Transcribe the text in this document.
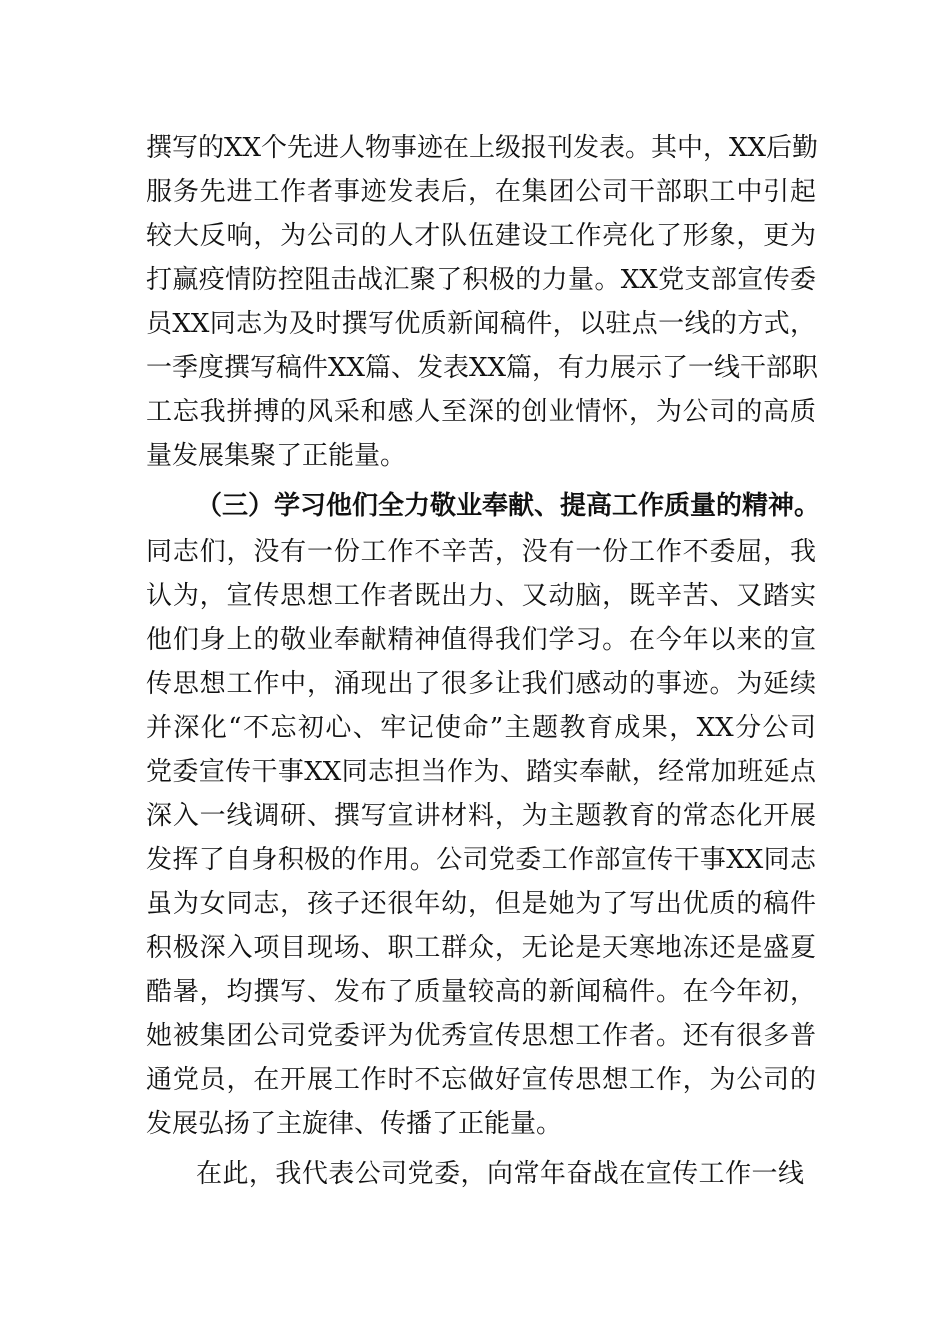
撰写的XX个先进人物事迹在上级报刊发表。其中，XX后勤
服务先进工作者事迹发表后，在集团公司干部职工中引起
较大反响，为公司的人才队伍建设工作亮化了形象，更为
打赢疫情防控阻击战汇聚了积极的力量。XX党支部宣传委
员XX同志为及时撰写优质新闻稿件，以驻点一线的方式，
一季度撰写稿件XX篇、发表XX篇，有力展示了一线干部职
工忘我拼搏的风采和感人至深的创业情怀，为公司的高质
量发展集聚了正能量。
（三）学习他们全力敬业奉献、提高工作质量的精神。
同志们，没有一份工作不辛苦，没有一份工作不委屈，我
认为，宣传思想工作者既出力、又动脑，既辛苦、又踏实
他们身上的敬业奉献精神值得我们学习。在今年以来的宣
传思想工作中，涌现出了很多让我们感动的事迹。为延续
并深化“不忘初心、牢记使命”主题教育成果，XX分公司
党委宣传干事XX同志担当作为、踏实奉献，经常加班延点
深入一线调研、撰写宣讲材料，为主题教育的常态化开展
发挥了自身积极的作用。公司党委工作部宣传干事XX同志
虽为女同志，孩子还很年幼，但是她为了写出优质的稿件
积极深入项目现场、职工群众，无论是天寒地冻还是盛夏
酷暑，均撰写、发布了质量较高的新闻稿件。在今年初，
她被集团公司党委评为优秀宣传思想工作者。还有很多普
通党员，在开展工作时不忘做好宣传思想工作，为公司的
发展弘扬了主旋律、传播了正能量。
在此，我代表公司党委，向常年奋战在宣传工作一线
